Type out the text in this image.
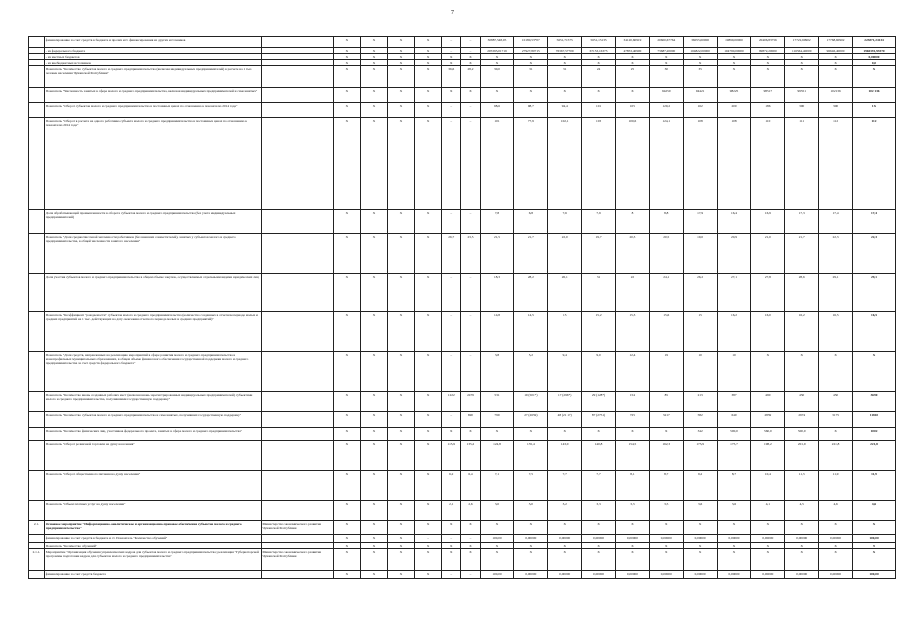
7
	финансирование за счет средств в бюджете и прочих ист. финансирования из других источников		X	X	X	X	–	–	30887,548,05	10180,53*07	5651,71575	5651,15135	34120,60919	20600,67764	36055,00000	19899,00000	20406,83756	17722,60902	17768,60902	223871,24134
	- из федерального бюджета		X	X	X	X	–	–	205393,01719	27927,80715	76367,57709	67153,16373	47853,40900	73687,20000	104822,00000	104790,00000	99872,20000	116564,40000	96646,40000	1960391,93570
	- из местных бюджетов		X	X	X	X	X	X	X	X	X	X	X	X	X	X	X	X	X	0,00000
	- из внебюджетных источников		X	X	X	X	X	X	X	X	X	X	X	X	X	X	X	X	X	0,0
	Показатель "Количество субъектов малого и среднего предпринимательства (включая индивидуальных предпринимателей) в расчете на 1 тыс. человек населения Чувашской Республики"		X	X	X	X	36,6	28,2	30,0	31	31	24	25	30	35	X	X	X	X	X
	Показатель "Численность занятых в сфере малого и среднего предпринимательства, включая индивидуальных предпринимателей и самозанятых"		X	X	X	X	X	X	X	X	X	X	X	94250	94421	98225	98517	99551	102136	102 136
	Показатель "Оборот субъектов малого и среднего предпринимательства в постоянных ценах по отношению к показателю 2014 года"		X	X	X	X	–	–	98,6	98,7	94,4	101	105	120,2	162	200	186	300	300	1X
	Показатель "Оборот в расчете на одного работника субъекта малого и среднего предпринимательства в постоянных ценах по отношению к показателю 2014 года"		X	X	X	X	–	–	101	77,9	102,1	103	100,6	124,1	108	108	110	111	112	112
	Доля обрабатывающей промышленности в обороте субъектов малого и среднего предпринимательства (без учета индивидуальных предпринимателей)		X	X	X	X	–	–	7,8	6,8	7,6	7,9	8	8,8	17,9	16,4	16,9	17,3	17,4	17,4
	Показатель "Доля среднесписочной численности работников (без внешних совместителей), занятых у субъектов малого и среднего предпринимательства, в общей численности занятого населения"		X	X	X	X	26,7	23,5	21,5	21,7	22,0	19,7	20,3	20,5	19,0	20,9	21,0	21,7	22,3	22,3
	Доля участия субъектов малого и среднего предпринимательства в общем объеме закупок, осуществляемых отдельными видами юридических лиц		X	X	X	X	–	–	18,3	28,2	26,1	31	22	24,1	26,2	27,1	27,8	28,6	29,1	29,1
	Показатель "Коэффициент "рождаемости" субъектов малого и среднего предпринимательства (количество созданных в отчетном периоде малых и средних предприятий на 1 тыс. действующих на дату окончания отчетного периода малых и средних предприятий)"		X	X	X	X	–	–	14,8	14,5	15	15,2	15,3	15,6	15	16,2	16,0	16,2	16,5	16,5
	Показатель "Доля средств, направленных на реализацию мероприятий в сфере развития малого и среднего предпринимательства в монопрофильных муниципальных образованиях, в общем объеме финансового обеспечения государственной поддержки малого и среднего предпринимательства за счет средств федерального бюджета"		X	X	X	X	–	–	3,8	5,2	9,4	9,0	12,4	19	10	10	X	X	X	X
	Показатель "Количество вновь созданных рабочих мест (включая вновь зарегистрированных индивидуальных предпринимателей) субъектами малого и среднего предпринимательства, получившими государственную поддержку"		X	X	X	X	1222	2479	531	19 (501*)	17 (296*)	29 (128*)	154	85	213	387	490	450	450	3690
	Показатель "Количество субъектов малого и среднего предпринимательства и самозанятых, получивших государственную поддержку"		X	X	X	X	–	690	799	27 (2659)	48 (21 17)	87 (2751)	725	3217	582	640	2859	2974	3175	11810
	Показатель "Количество физических лиц, участников федерального проекта, занятых в сфере малого и среднего предпринимательства"		X	X	X	X	X	X	X	X	X	X	X	X	342	500,0	560,0	500,0	X	1002
	Показатель "Оборот розничной торговли на душу населения"		X	X	X	X	115,9	135,2	124,8	135,4	143,0	140,8	154,5	162,3	173,9	175,7	198,2	201,9	221,8	221,8
	Показатель "Оборот общественного питания на душу населения"		X	X	X	X	6,2	6,4	7,1	7,5	7,7	7,7	8,1	8,7	9,2	8,7	10,4	11,3	11,9	11,9
	Показатель "Объем платных услуг на душу населения"		X	X	X	X	2,1	2,6	3,0	3,0	3,2	3,3	3,3	3,5	3,6	3,6	4,1	4,5	4,6	4,6
2.1.	Основное мероприятие "Информационно-аналитическое и организационно-правовое обеспечение субъектов малого и среднего предпринимательства"	Министерство экономического развития Чувашской Республики	X	X	X	X	X	X	X	X	X	X	X	X	X	X	X	X	X	X
	финансирование за счет средств в бюджете и ст. Показатель "Количество обучений"		X	X	X	–	–	–	100,00	0,00000	0,00000	0,00000	0,00000	0,00000	0,00000	0,00000	0,00000	0,00000	0,00000	100,00
	Показатель "Количество обучений"		X	X	X	X	X	X	X	X	X	X	X	X	X	X	X	X	X	9
2.1.1.	Мероприятие "Организация обучения управленческих кадров для субъектов малого и среднего предпринимательства; реализация "Губернаторской программы подготовки кадров для субъектов малого и среднего предпринимательства"	Министерство экономического развития Чувашской Республики	X	X	X	X	X	X	X	X	X	X	X	X	X	X	X	X	X	X
	финансирование за счет средств бюджета		X	X	X	X	–	–	100,00	0,00000	0,00000	0,00000	0,00000	0,00000	0,00000	0,00000	0,00000	0,00000	0,00000	100,00
